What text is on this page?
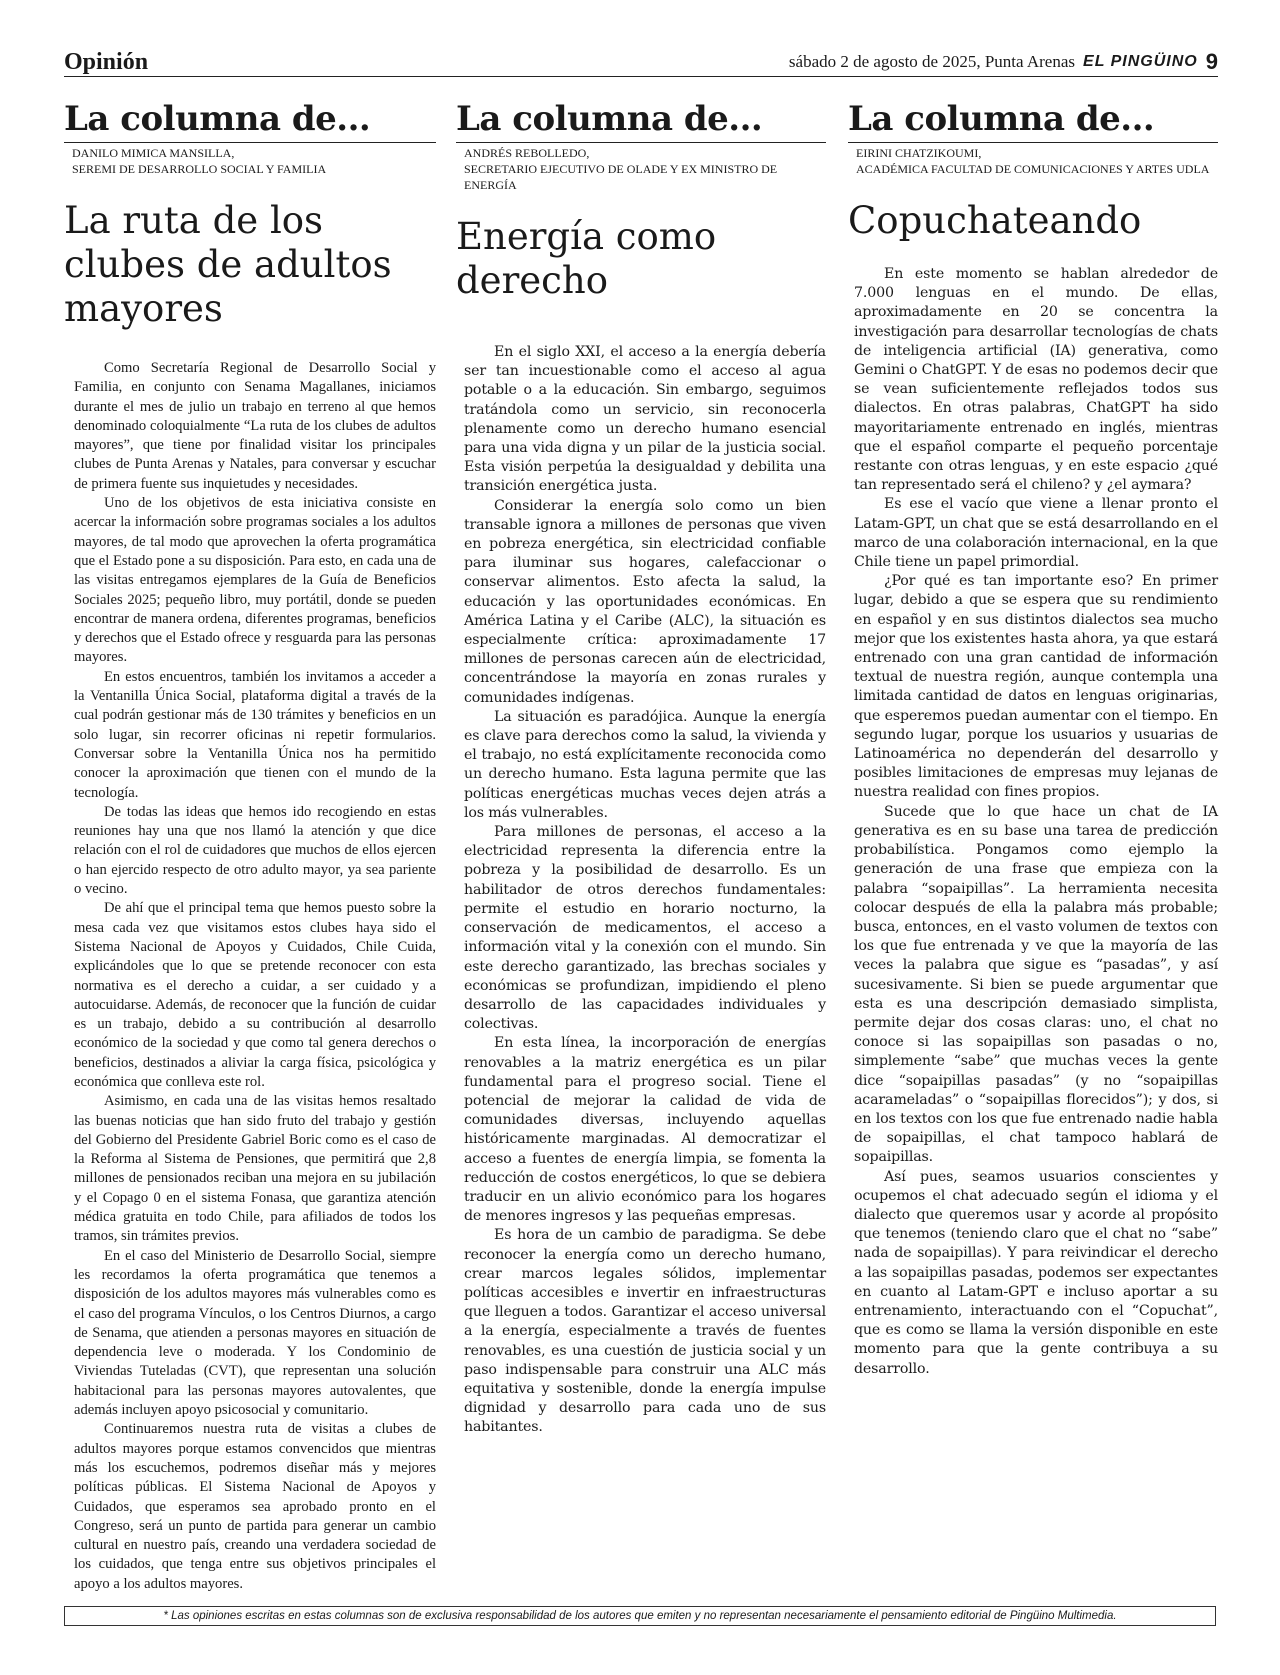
Opinión	sábado 2 de agosto de 2025, Punta Arenas EL PINGÜINO 9
La columna de...
DANILO MIMICA MANSILLA,
SEREMI DE DESARROLLO SOCIAL Y FAMILIA
La ruta de los clubes de adultos mayores

Como Secretaría Regional de Desarrollo Social y Familia, en conjunto con Senama Magallanes, iniciamos durante el mes de julio un trabajo en terreno al que hemos denominado coloquialmente “La ruta de los clubes de adultos mayores”, que tiene por finalidad visitar los principales clubes de Punta Arenas y Natales, para conversar y escuchar de primera fuente sus inquietudes y necesidades.

Uno de los objetivos de esta iniciativa consiste en acercar la información sobre programas sociales a los adultos mayores, de tal modo que aprovechen la oferta programática que el Estado pone a su disposición. Para esto, en cada una de las visitas entregamos ejemplares de la Guía de Beneficios Sociales 2025; pequeño libro, muy portátil, donde se pueden encontrar de manera ordena, diferentes programas, beneficios y derechos que el Estado ofrece y resguarda para las personas mayores.

En estos encuentros, también los invitamos a acceder a la Ventanilla Única Social, plataforma digital a través de la cual podrán gestionar más de 130 trámites y beneficios en un solo lugar, sin recorrer oficinas ni repetir formularios. Conversar sobre la Ventanilla Única nos ha permitido conocer la aproximación que tienen con el mundo de la tecnología.

De todas las ideas que hemos ido recogiendo en estas reuniones hay una que nos llamó la atención y que dice relación con el rol de cuidadores que muchos de ellos ejercen o han ejercido respecto de otro adulto mayor, ya sea pariente o vecino.

De ahí que el principal tema que hemos puesto sobre la mesa cada vez que visitamos estos clubes haya sido el Sistema Nacional de Apoyos y Cuidados, Chile Cuida, explicándoles que lo que se pretende reconocer con esta normativa es el derecho a cuidar, a ser cuidado y a autocuidarse. Además, de reconocer que la función de cuidar es un trabajo, debido a su contribución al desarrollo económico de la sociedad y que como tal genera derechos o beneficios, destinados a aliviar la carga física, psicológica y económica que conlleva este rol.

Asimismo, en cada una de las visitas hemos resaltado las buenas noticias que han sido fruto del trabajo y gestión del Gobierno del Presidente Gabriel Boric como es el caso de la Reforma al Sistema de Pensiones, que permitirá que 2,8 millones de pensionados reciban una mejora en su jubilación y el Copago 0 en el sistema Fonasa, que garantiza atención médica gratuita en todo Chile, para afiliados de todos los tramos, sin trámites previos.

En el caso del Ministerio de Desarrollo Social, siempre les recordamos la oferta programática que tenemos a disposición de los adultos mayores más vulnerables como es el caso del programa Vínculos, o los Centros Diurnos, a cargo de Senama, que atienden a personas mayores en situación de dependencia leve o moderada. Y los Condominio de Viviendas Tuteladas (CVT), que representan una solución habitacional para las personas mayores autovalentes, que además incluyen apoyo psicosocial y comunitario.

Continuaremos nuestra ruta de visitas a clubes de adultos mayores porque estamos convencidos que mientras más los escuchemos, podremos diseñar más y mejores políticas públicas. El Sistema Nacional de Apoyos y Cuidados, que esperamos sea aprobado pronto en el Congreso, será un punto de partida para generar un cambio cultural en nuestro país, creando una verdadera sociedad de los cuidados, que tenga entre sus objetivos principales el apoyo a los adultos mayores.

La columna de...
ANDRÉS REBOLLEDO,
SECRETARIO EJECUTIVO DE OLADE Y EX MINISTRO DE ENERGÍA
Energía como derecho

En el siglo XXI, el acceso a la energía debería ser tan incuestionable como el acceso al agua potable o a la educación. Sin embargo, seguimos tratándola como un servicio, sin reconocerla plenamente como un derecho humano esencial para una vida digna y un pilar de la justicia social. Esta visión perpetúa la desigualdad y debilita una transición energética justa.

Considerar la energía solo como un bien transable ignora a millones de personas que viven en pobreza energética, sin electricidad confiable para iluminar sus hogares, calefaccionar o conservar alimentos. Esto afecta la salud, la educación y las oportunidades económicas. En América Latina y el Caribe (ALC), la situación es especialmente crítica: aproximadamente 17 millones de personas carecen aún de electricidad, concentrándose la mayoría en zonas rurales y comunidades indígenas.

La situación es paradójica. Aunque la energía es clave para derechos como la salud, la vivienda y el trabajo, no está explícitamente reconocida como un derecho humano. Esta laguna permite que las políticas energéticas muchas veces dejen atrás a los más vulnerables.

Para millones de personas, el acceso a la electricidad representa la diferencia entre la pobreza y la posibilidad de desarrollo. Es un habilitador de otros derechos fundamentales: permite el estudio en horario nocturno, la conservación de medicamentos, el acceso a información vital y la conexión con el mundo. Sin este derecho garantizado, las brechas sociales y económicas se profundizan, impidiendo el pleno desarrollo de las capacidades individuales y colectivas.

En esta línea, la incorporación de energías renovables a la matriz energética es un pilar fundamental para el progreso social. Tiene el potencial de mejorar la calidad de vida de comunidades diversas, incluyendo aquellas históricamente marginadas. Al democratizar el acceso a fuentes de energía limpia, se fomenta la reducción de costos energéticos, lo que se debiera traducir en un alivio económico para los hogares de menores ingresos y las pequeñas empresas.

Es hora de un cambio de paradigma. Se debe reconocer la energía como un derecho humano, crear marcos legales sólidos, implementar políticas accesibles e invertir en infraestructuras que lleguen a todos. Garantizar el acceso universal a la energía, especialmente a través de fuentes renovables, es una cuestión de justicia social y un paso indispensable para construir una ALC más equitativa y sostenible, donde la energía impulse dignidad y desarrollo para cada uno de sus habitantes.

La columna de...
EIRINI CHATZIKOUMI,
ACADÉMICA FACULTAD DE COMUNICACIONES Y ARTES UDLA
Copuchateando

En este momento se hablan alrededor de 7.000 lenguas en el mundo. De ellas, aproximadamente en 20 se concentra la investigación para desarrollar tecnologías de chats de inteligencia artificial (IA) generativa, como Gemini o ChatGPT. Y de esas no podemos decir que se vean suficientemente reflejados todos sus dialectos. En otras palabras, ChatGPT ha sido mayoritariamente entrenado en inglés, mientras que el español comparte el pequeño porcentaje restante con otras lenguas, y en este espacio ¿qué tan representado será el chileno? y ¿el aymara?

Es ese el vacío que viene a llenar pronto el Latam-GPT, un chat que se está desarrollando en el marco de una colaboración internacional, en la que Chile tiene un papel primordial.

¿Por qué es tan importante eso? En primer lugar, debido a que se espera que su rendimiento en español y en sus distintos dialectos sea mucho mejor que los existentes hasta ahora, ya que estará entrenado con una gran cantidad de información textual de nuestra región, aunque contempla una limitada cantidad de datos en lenguas originarias, que esperemos puedan aumentar con el tiempo. En segundo lugar, porque los usuarios y usuarias de Latinoamérica no dependerán del desarrollo y posibles limitaciones de empresas muy lejanas de nuestra realidad con fines propios.

Sucede que lo que hace un chat de IA generativa es en su base una tarea de predicción probabilística. Pongamos como ejemplo la generación de una frase que empieza con la palabra “sopaipillas”. La herramienta necesita colocar después de ella la palabra más probable; busca, entonces, en el vasto volumen de textos con los que fue entrenada y ve que la mayoría de las veces la palabra que sigue es “pasadas”, y así sucesivamente. Si bien se puede argumentar que esta es una descripción demasiado simplista, permite dejar dos cosas claras: uno, el chat no conoce si las sopaipillas son pasadas o no, simplemente “sabe” que muchas veces la gente dice “sopaipillas pasadas” (y no “sopaipillas acarameladas” o “sopaipillas florecidos”); y dos, si en los textos con los que fue entrenado nadie habla de sopaipillas, el chat tampoco hablará de sopaipillas.

Así pues, seamos usuarios conscientes y ocupemos el chat adecuado según el idioma y el dialecto que queremos usar y acorde al propósito que tenemos (teniendo claro que el chat no “sabe” nada de sopaipillas). Y para reivindicar el derecho a las sopaipillas pasadas, podemos ser expectantes en cuanto al Latam-GPT e incluso aportar a su entrenamiento, interactuando con el “Copuchat”, que es como se llama la versión disponible en este momento para que la gente contribuya a su desarrollo.

* Las opiniones escritas en estas columnas son de exclusiva responsabilidad de los autores que emiten y no representan necesariamente el pensamiento editorial de Pingüino Multimedia.
